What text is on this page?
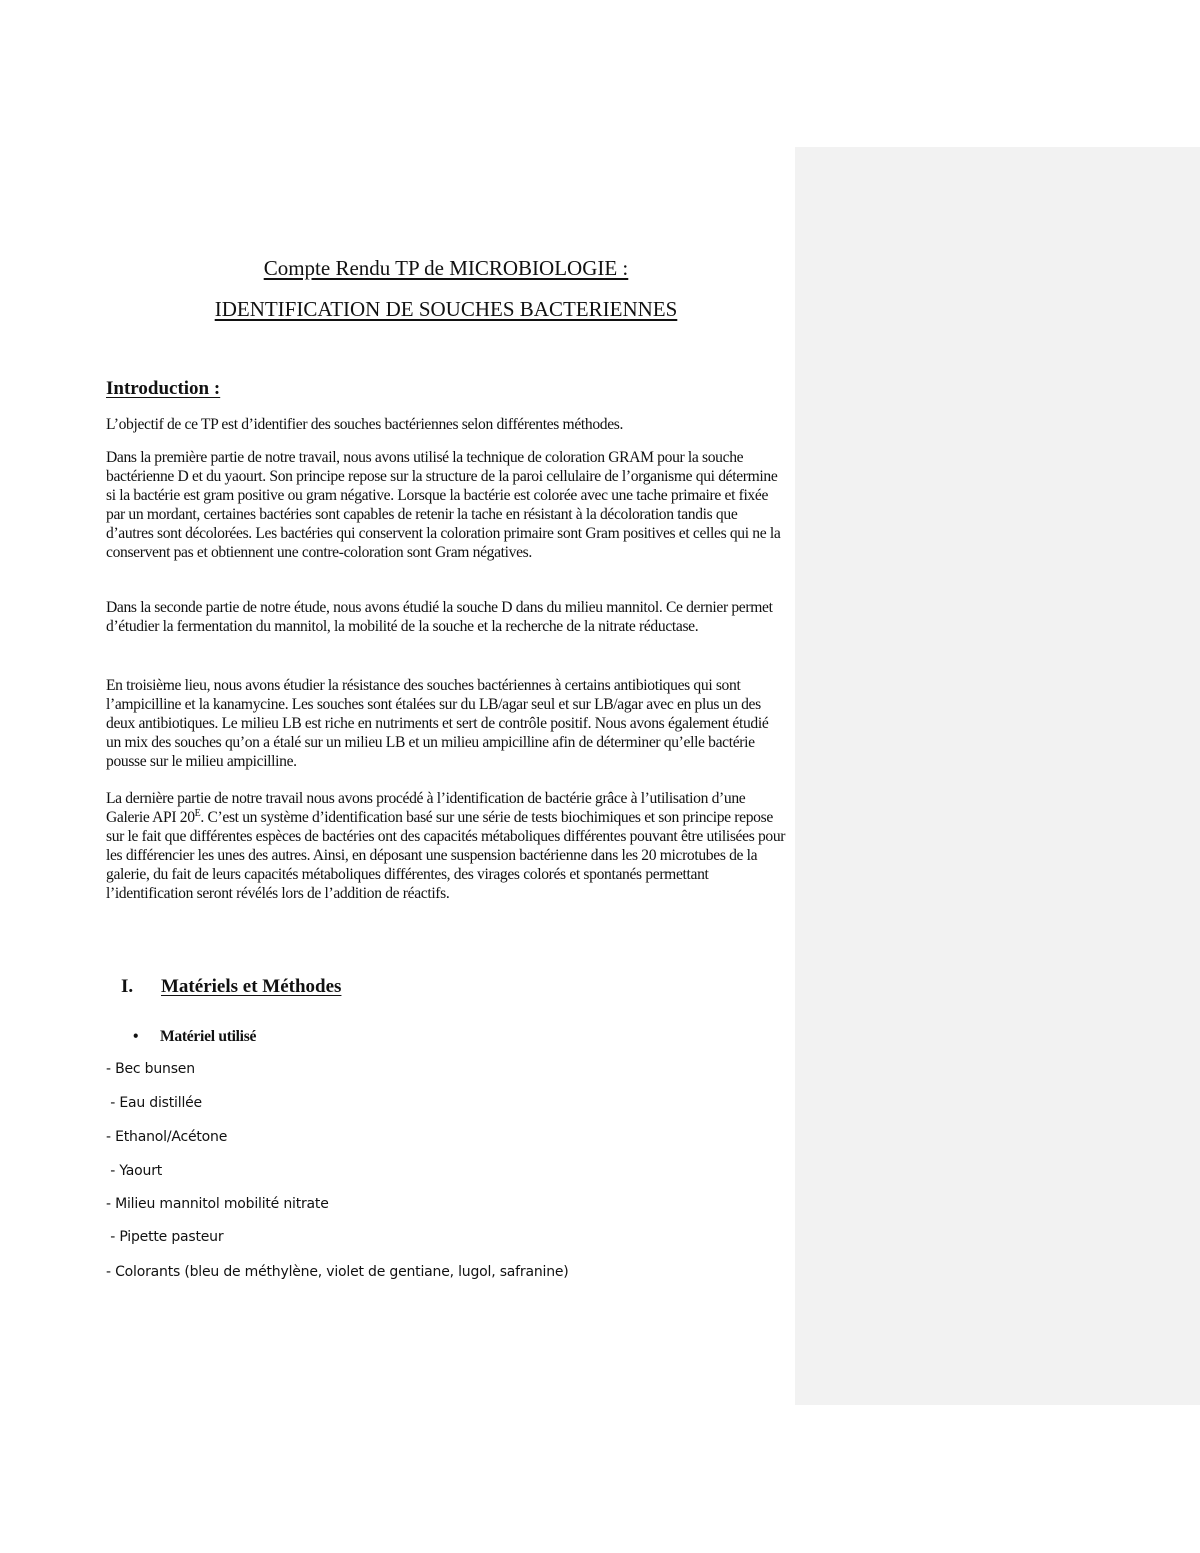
Compte Rendu TP de MICROBIOLOGIE :
IDENTIFICATION DE SOUCHES BACTERIENNES
Introduction :
L’objectif de ce TP est d’identifier des souches bactériennes selon différentes méthodes.
Dans la première partie de notre travail, nous avons utilisé la technique de coloration GRAM pour la souche bactérienne D et du yaourt. Son principe repose sur la structure de la paroi cellulaire de l’organisme qui détermine si la bactérie est gram positive ou gram négative. Lorsque la bactérie est colorée avec une tache primaire et fixée par un mordant, certaines bactéries sont capables de retenir la tache en résistant à la décoloration tandis que d’autres sont décolorées. Les bactéries qui conservent la coloration primaire sont Gram positives et celles qui ne la conservent pas et obtiennent une contre-coloration sont Gram négatives.
Dans la seconde partie de notre étude, nous avons étudié la souche D dans du milieu mannitol. Ce dernier permet d’étudier la fermentation du mannitol, la mobilité de la souche et la recherche de la nitrate réductase.
En troisième lieu, nous avons étudier la résistance des souches bactériennes à certains antibiotiques qui sont l’ampicilline et la kanamycine. Les souches sont étalées sur du LB/agar seul et sur LB/agar avec en plus un des deux antibiotiques. Le milieu LB est riche en nutriments et sert de contrôle positif. Nous avons également étudié un mix des souches qu’on a étalé sur un milieu LB et un milieu ampicilline afin de déterminer qu’elle bactérie pousse sur le milieu ampicilline.
La dernière partie de notre travail nous avons procédé à l’identification de bactérie grâce à l’utilisation d’une Galerie API $20^E$. C’est un système d’identification basé sur une série de tests biochimiques et son principe repose sur le fait que différentes espèces de bactéries ont des capacités métaboliques différentes pouvant être utilisées pour les différencier les unes des autres. Ainsi, en déposant une suspension bactérienne dans les 20 microtubes de la galerie, du fait de leurs capacités métaboliques différentes, des virages colorés et spontanés permettant l’identification seront révélés lors de l’addition de réactifs.
I. Matériels et Méthodes
• Matériel utilisé
- Bec bunsen
- Eau distillée
- Ethanol/Acétone
- Yaourt
- Milieu mannitol mobilité nitrate
- Pipette pasteur
- Colorants (bleu de méthylène, violet de gentiane, lugol, safranine)
